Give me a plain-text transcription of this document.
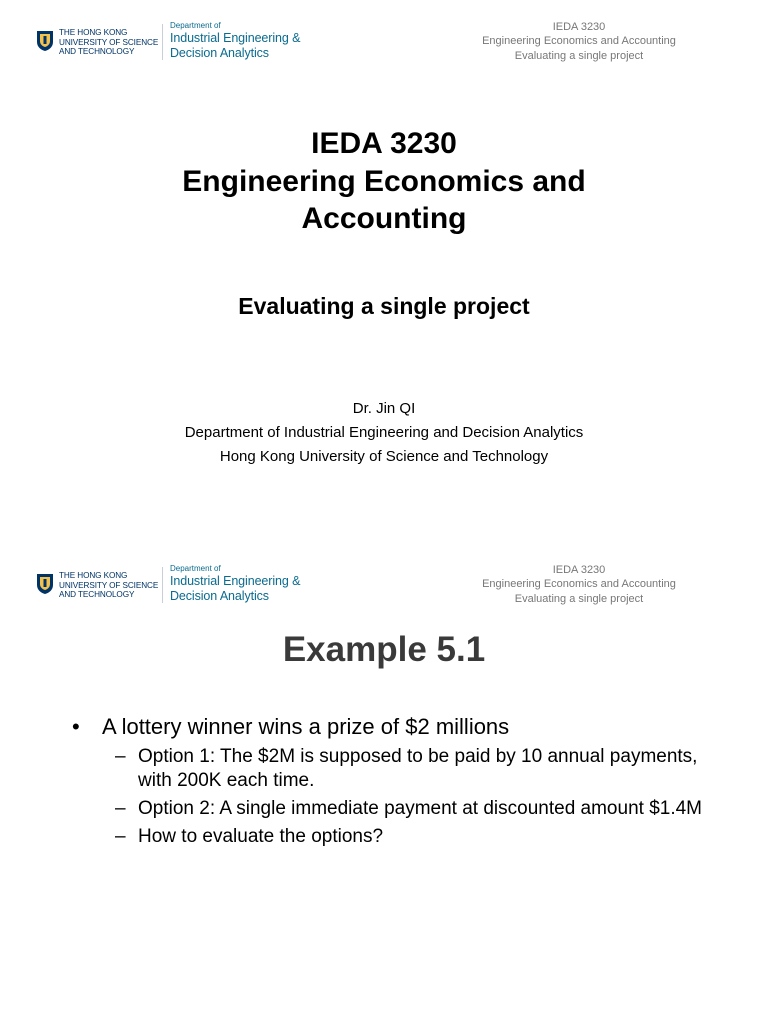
THE HONG KONG
UNIVERSITY OF SCIENCE
AND TECHNOLOGY
Department of
Industrial Engineering &
Decision Analytics
IEDA 3230
Engineering Economics and Accounting
Evaluating a single project
IEDA 3230
Engineering Economics and
Accounting
Evaluating a single project
Dr. Jin QI
Department of Industrial Engineering and Decision Analytics
Hong Kong University of Science and Technology
THE HONG KONG
UNIVERSITY OF SCIENCE
AND TECHNOLOGY
Department of
Industrial Engineering &
Decision Analytics
IEDA 3230
Engineering Economics and Accounting
Evaluating a single project
Example 5.1
• A lottery winner wins a prize of $2 millions
– Option 1: The $2M is supposed to be paid by 10 annual payments, with 200K each time.
– Option 2: A single immediate payment at discounted amount $1.4M
– How to evaluate the options?
